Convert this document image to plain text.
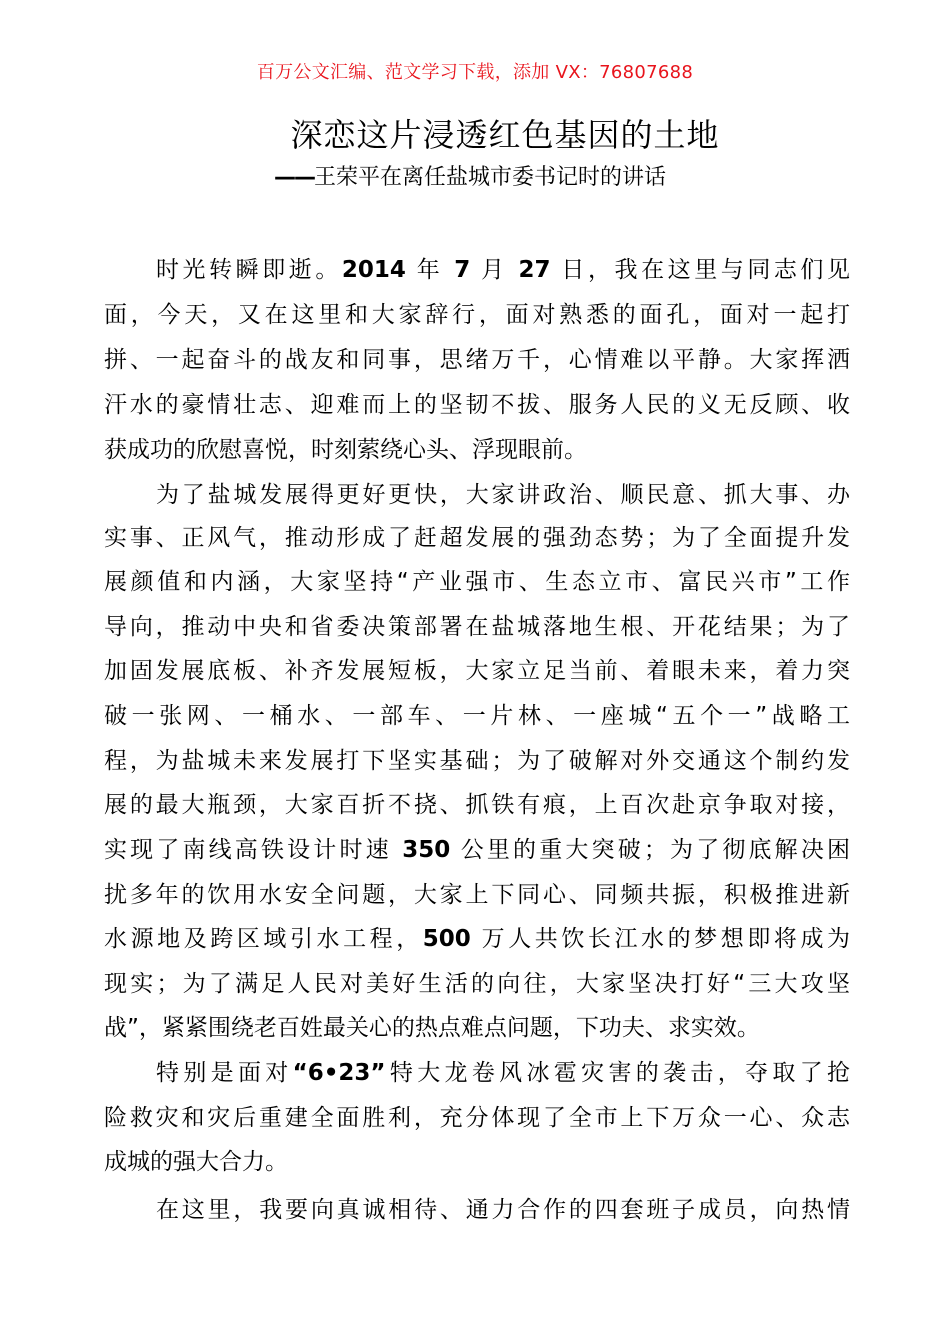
百万公文汇编、范文学习下载，添加 VX：76807688
深恋这片浸透红色基因的土地
——王荣平在离任盐城市委书记时的讲话
时光转瞬即逝。2014 年 7 月 27 日，我在这里与同志们见
面，今天，又在这里和大家辞行，面对熟悉的面孔，面对一起打
拼、一起奋斗的战友和同事，思绪万千，心情难以平静。大家挥洒
汗水的豪情壮志、迎难而上的坚韧不拔、服务人民的义无反顾、收
获成功的欣慰喜悦，时刻萦绕心头、浮现眼前。
为了盐城发展得更好更快，大家讲政治、顺民意、抓大事、办
实事、正风气，推动形成了赶超发展的强劲态势；为了全面提升发
展颜值和内涵，大家坚持“产业强市、生态立市、富民兴市”工作
导向，推动中央和省委决策部署在盐城落地生根、开花结果；为了
加固发展底板、补齐发展短板，大家立足当前、着眼未来，着力突
破一张网、一桶水、一部车、一片林、一座城“五个一”战略工
程，为盐城未来发展打下坚实基础；为了破解对外交通这个制约发
展的最大瓶颈，大家百折不挠、抓铁有痕，上百次赴京争取对接，
实现了南线高铁设计时速 350 公里的重大突破；为了彻底解决困
扰多年的饮用水安全问题，大家上下同心、同频共振，积极推进新
水源地及跨区域引水工程，500 万人共饮长江水的梦想即将成为
现实；为了满足人民对美好生活的向往，大家坚决打好“三大攻坚
战”，紧紧围绕老百姓最关心的热点难点问题，下功夫、求实效。
特别是面对“6•23”特大龙卷风冰雹灾害的袭击，夺取了抢
险救灾和灾后重建全面胜利，充分体现了全市上下万众一心、众志
成城的强大合力。
在这里，我要向真诚相待、通力合作的四套班子成员，向热情
